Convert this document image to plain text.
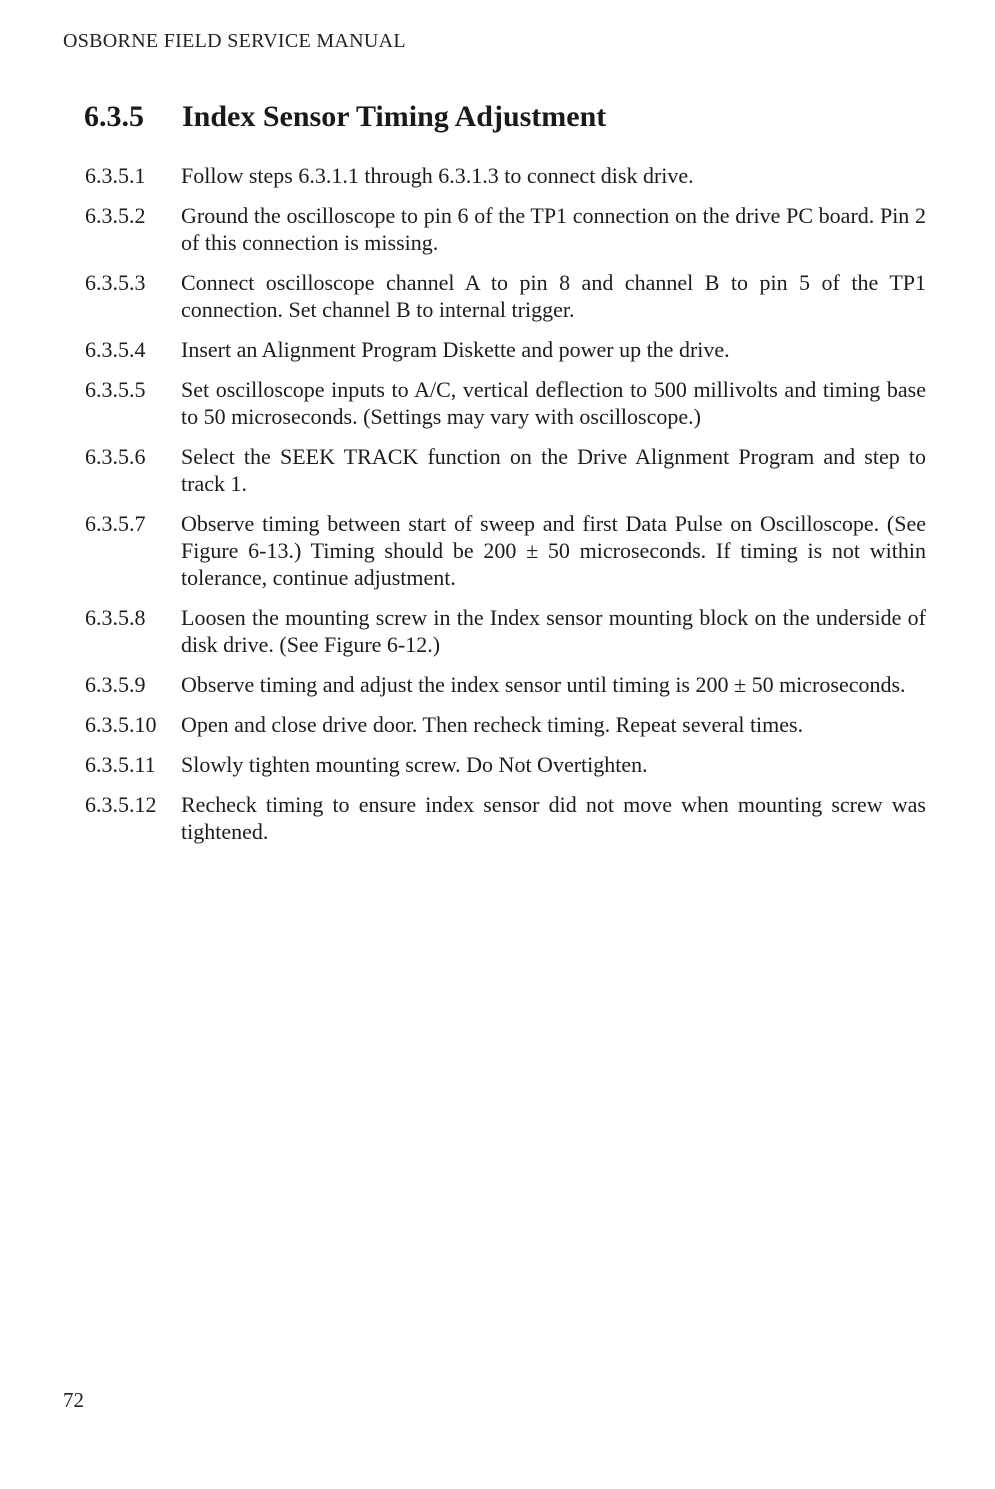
OSBORNE FIELD SERVICE MANUAL
6.3.5 Index Sensor Timing Adjustment
6.3.5.1	Follow steps 6.3.1.1 through 6.3.1.3 to connect disk drive.
6.3.5.2	Ground the oscilloscope to pin 6 of the TP1 connection on the drive PC board. Pin 2 of this connection is missing.
6.3.5.3	Connect oscilloscope channel A to pin 8 and channel B to pin 5 of the TP1 connection. Set channel B to internal trigger.
6.3.5.4	Insert an Alignment Program Diskette and power up the drive.
6.3.5.5	Set oscilloscope inputs to A/C, vertical deflection to 500 millivolts and timing base to 50 microseconds. (Settings may vary with oscilloscope.)
6.3.5.6	Select the SEEK TRACK function on the Drive Alignment Program and step to track 1.
6.3.5.7	Observe timing between start of sweep and first Data Pulse on Oscilloscope. (See Figure 6-13.) Timing should be 200 ± 50 microseconds. If timing is not within tolerance, continue adjustment.
6.3.5.8	Loosen the mounting screw in the Index sensor mounting block on the underside of disk drive. (See Figure 6-12.)
6.3.5.9	Observe timing and adjust the index sensor until timing is 200 ± 50 microseconds.
6.3.5.10	Open and close drive door. Then recheck timing. Repeat several times.
6.3.5.11	Slowly tighten mounting screw. Do Not Overtighten.
6.3.5.12	Recheck timing to ensure index sensor did not move when mounting screw was tightened.
72
